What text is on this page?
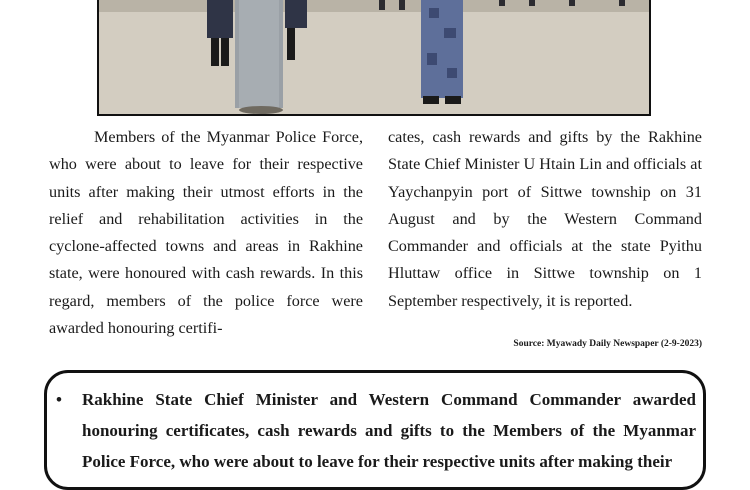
Members of the Myanmar Police Force, who were about to leave for their respective units after making their utmost efforts in the relief and rehabilitation activities in the cyclone-affected towns and areas in Rakhine state, were honoured with cash rewards. In this regard, members of the police force were awarded honouring certifi-

cates, cash rewards and gifts by the Rakhine State Chief Minister U Htain Lin and officials at Yaychanpyin port of Sittwe township on 31 August and by the Western Command Commander and officials at the state Pyithu Hluttaw office in Sittwe township on 1 September respectively, it is reported.

Source: Myawady Daily Newspaper (2-9-2023)
• Rakhine State Chief Minister and Western Command Commander awarded honouring certificates, cash rewards and gifts to the Members of the Myanmar Police Force, who were about to leave for their respective units after making their
